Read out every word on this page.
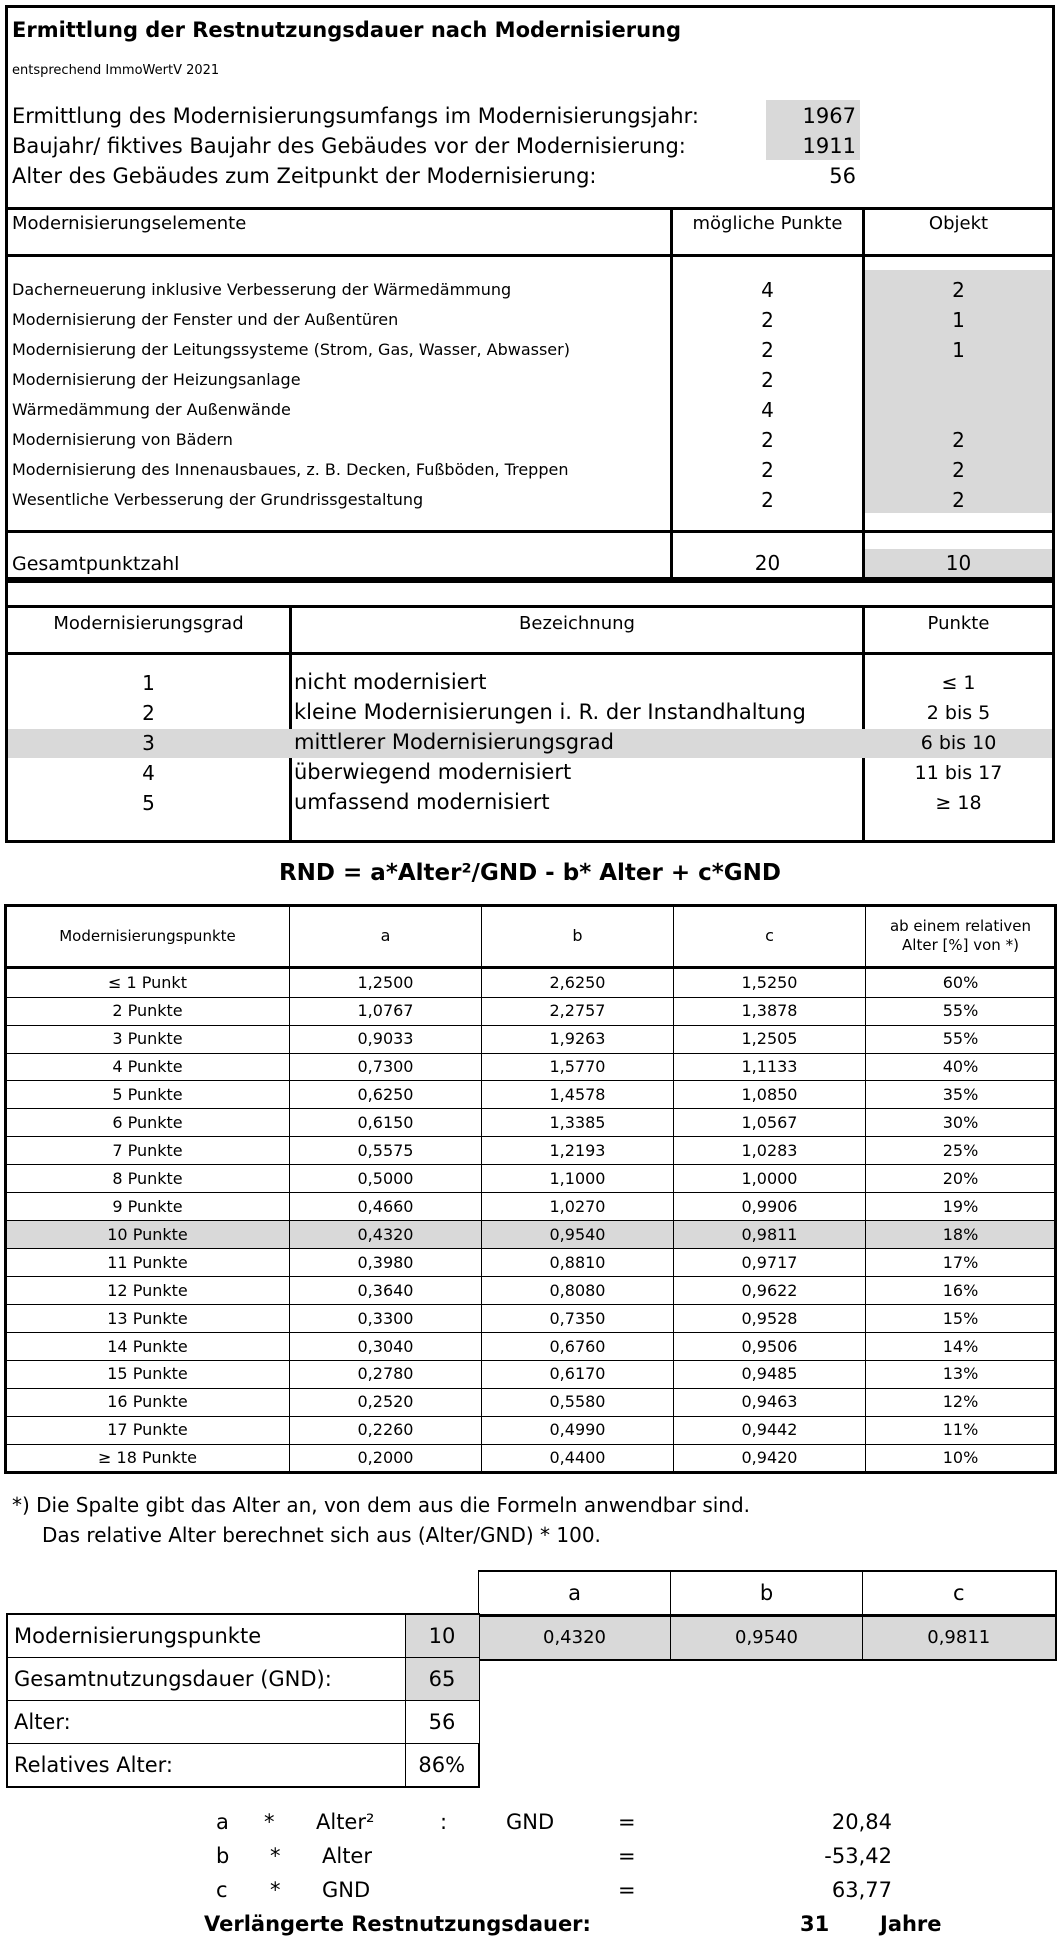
Ermittlung der Restnutzungsdauer nach Modernisierung
entsprechend ImmoWertV 2021
Ermittlung des Modernisierungsumfangs im Modernisierungsjahr:	1967
Baujahr/ fiktives Baujahr des Gebäudes vor der Modernisierung:	1911
Alter des Gebäudes zum Zeitpunkt der Modernisierung:	56
Modernisierungselemente	mögliche Punkte	Objekt
Dacherneuerung inklusive Verbesserung der Wärmedämmung	4	2
Modernisierung der Fenster und der Außentüren	2	1
Modernisierung der Leitungssysteme (Strom, Gas, Wasser, Abwasser)	2	1
Modernisierung der Heizungsanlage	2
Wärmedämmung der Außenwände	4
Modernisierung von Bädern	2	2
Modernisierung des Innenausbaues, z. B. Decken, Fußböden, Treppen	2	2
Wesentliche Verbesserung der Grundrissgestaltung	2	2
Gesamtpunktzahl	20	10
Modernisierungsgrad	Bezeichnung	Punkte
1	nicht modernisiert	≤ 1
2	kleine Modernisierungen i. R. der Instandhaltung	2 bis 5
3	mittlerer Modernisierungsgrad	6 bis 10
4	überwiegend modernisiert	11 bis 17
5	umfassend modernisiert	≥ 18
RND = a*Alter²/GND - b* Alter + c*GND
Modernisierungspunkte	a	b	c	ab einem relativen
Alter [%] von *)
≤ 1 Punkt	1,2500	2,6250	1,5250	60%
2 Punkte	1,0767	2,2757	1,3878	55%
3 Punkte	0,9033	1,9263	1,2505	55%
4 Punkte	0,7300	1,5770	1,1133	40%
5 Punkte	0,6250	1,4578	1,0850	35%
6 Punkte	0,6150	1,3385	1,0567	30%
7 Punkte	0,5575	1,2193	1,0283	25%
8 Punkte	0,5000	1,1000	1,0000	20%
9 Punkte	0,4660	1,0270	0,9906	19%
10 Punkte	0,4320	0,9540	0,9811	18%
11 Punkte	0,3980	0,8810	0,9717	17%
12 Punkte	0,3640	0,8080	0,9622	16%
13 Punkte	0,3300	0,7350	0,9528	15%
14 Punkte	0,3040	0,6760	0,9506	14%
15 Punkte	0,2780	0,6170	0,9485	13%
16 Punkte	0,2520	0,5580	0,9463	12%
17 Punkte	0,2260	0,4990	0,9442	11%
≥ 18 Punkte	0,2000	0,4400	0,9420	10%
*) Die Spalte gibt das Alter an, von dem aus die Formeln anwendbar sind.
Das relative Alter berechnet sich aus (Alter/GND) * 100.
a	b	c
0,4320	0,9540	0,9811
Modernisierungspunkte	10
Gesamtnutzungsdauer (GND):	65
Alter:	56
Relatives Alter:	86%
a * Alter²	:	GND	=	20,84
b * Alter	=	-53,42
c * GND	=	63,77
Verlängerte Restnutzungsdauer:	31 Jahre
